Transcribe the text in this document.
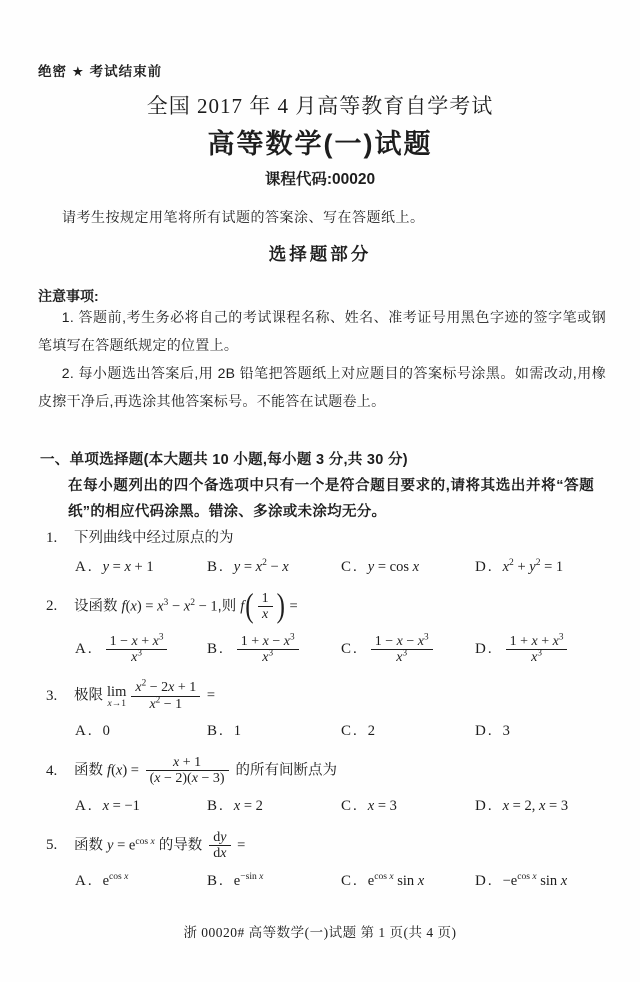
绝密 ★ 考试结束前
全国 2017 年 4 月高等教育自学考试
高等数学(一)试题
课程代码:00020
请考生按规定用笔将所有试题的答案涂、写在答题纸上。
选择题部分
注意事项:

1. 答题前,考生务必将自己的考试课程名称、姓名、准考证号用黑色字迹的签字笔或钢笔填写在答题纸规定的位置上。

2. 每小题选出答案后,用 2B 铅笔把答题纸上对应题目的答案标号涂黑。如需改动,用橡皮擦干净后,再选涂其他答案标号。不能答在试题卷上。

一、单项选择题(本大题共 10 小题,每小题 3 分,共 30 分)
在每小题列出的四个备选项中只有一个是符合题目要求的,请将其选出并将“答题纸”的相应代码涂黑。错涂、多涂或未涂均无分。
1.	下列曲线中经过原点的为
A. y = x + 1	B. $y = x^2 - x$	C. y = cos x	D. $x^2 + y^2 = 1$
2.	设函数 $f(x) = x^3 - x^2 - 1$,则 f ( $\frac{1}{x}$ ) =
A. $\frac{1 - x + x^3}{x^3}$	B. $\frac{1 + x - x^3}{x^3}$	C. $\frac{1 - x - x^3}{x^3}$	D. $\frac{1 + x + x^3}{x^3}$
3.	极限 lim
$x\to 1 \frac{x^2 - 2x + 1}{x^2 - 1}$ =
A. 0	B. 1	C. 2	D. 3
4.	函数 $f(x) = \frac{x + 1}{(x - 2)(x - 3)}$ 的所有间断点为
A. x = −1	B. x = 2	C. x = 3	D. x = 2, x = 3
5.	函数 $y = e^{cos x}$ 的导数 $\frac{dy}{dx}$ =
A. $e^{cos x}$	B. $e^{-sin x}$	C. $e^{cos x}$ sin x	D. $-e^{cos x}$ sin x
浙 00020# 高等数学(一)试题 第 1 页(共 4 页)
